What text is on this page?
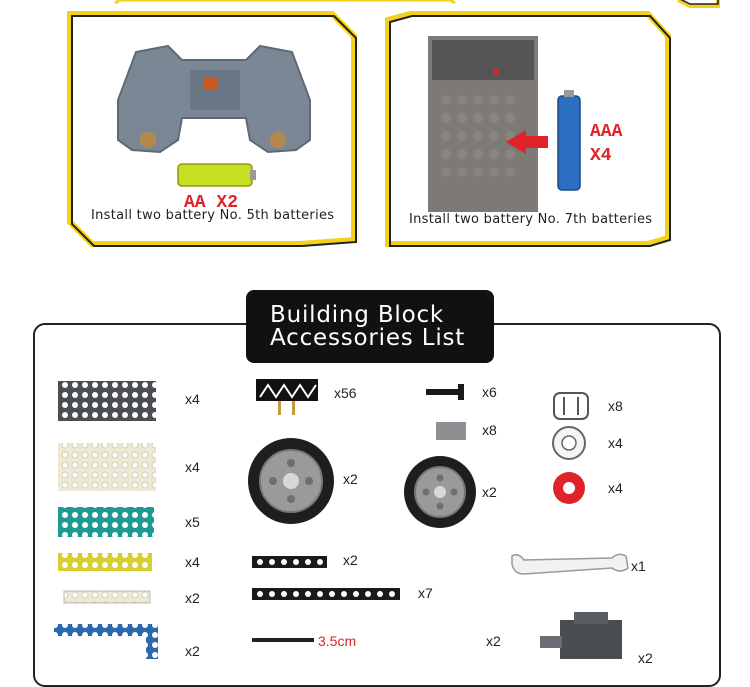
AA X2
Install two battery No. 5th batteries
AAA
X4
Install two battery No. 7th batteries
Building Block
Accessories List
x4
x4
x5
x4
x2
x2
x56
x2
x2
x7
x6
x8
x2
3.5cm	x2
x8
x4
x4
x1
x2
